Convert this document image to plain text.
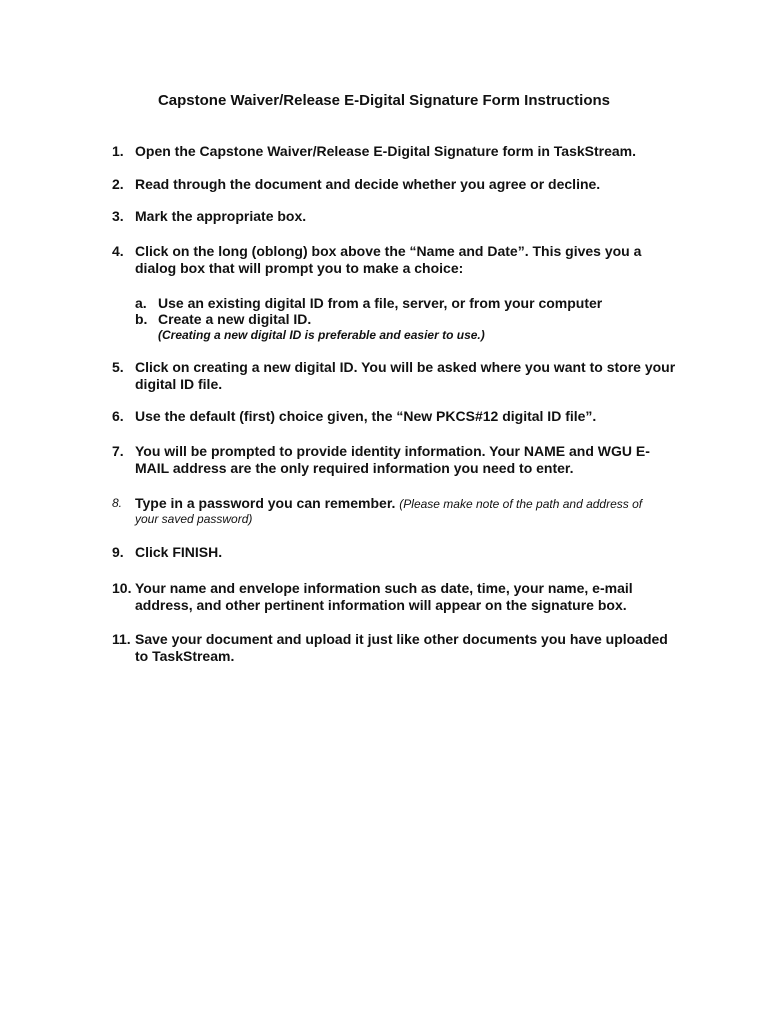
Capstone Waiver/Release E-Digital Signature Form Instructions
1. Open the Capstone Waiver/Release E-Digital Signature form in TaskStream.
2. Read through the document and decide whether you agree or decline.
3. Mark the appropriate box.
4. Click on the long (oblong) box above the “Name and Date”. This gives you a
dialog box that will prompt you to make a choice:
a. Use an existing digital ID from a file, server, or from your computer
b. Create a new digital ID.
(Creating a new digital ID is preferable and easier to use.)
5. Click on creating a new digital ID. You will be asked where you want to store your
digital ID file.
6. Use the default (first) choice given, the “New PKCS#12 digital ID file”.
7. You will be prompted to provide identity information. Your NAME and WGU E-
MAIL address are the only required information you need to enter.
8. Type in a password you can remember. (Please make note of the path and address of
your saved password)
9. Click FINISH.
10. Your name and envelope information such as date, time, your name, e-mail
address, and other pertinent information will appear on the signature box.
11. Save your document and upload it just like other documents you have uploaded
to TaskStream.
